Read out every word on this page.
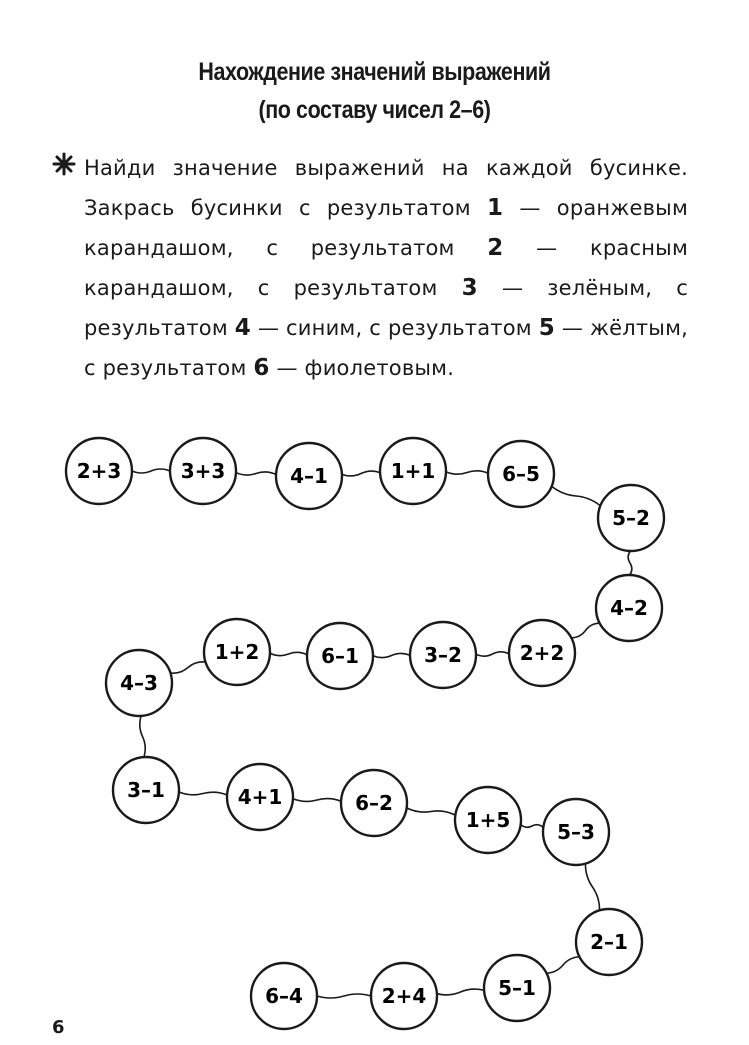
Нахождение значений выражений
(по составу чисел 2–6)
Найди значение выражений на каждой бусинке. Закрась бусинки с результатом 1 — оранжевым карандашом, с результатом 2 — красным карандашом, с результатом 3 — зелёным, с результатом 4 — синим, с результатом 5 — жёлтым, с результатом 6 — фиолетовым.
2+3	3+3	4–1	1+1	6–5
5–2
4–2
2+2
3–2
6–1
1+2
4–3
3–1	4+1	6–2
1+5 5–3
2–1
5–1
2+4
6–4
6
